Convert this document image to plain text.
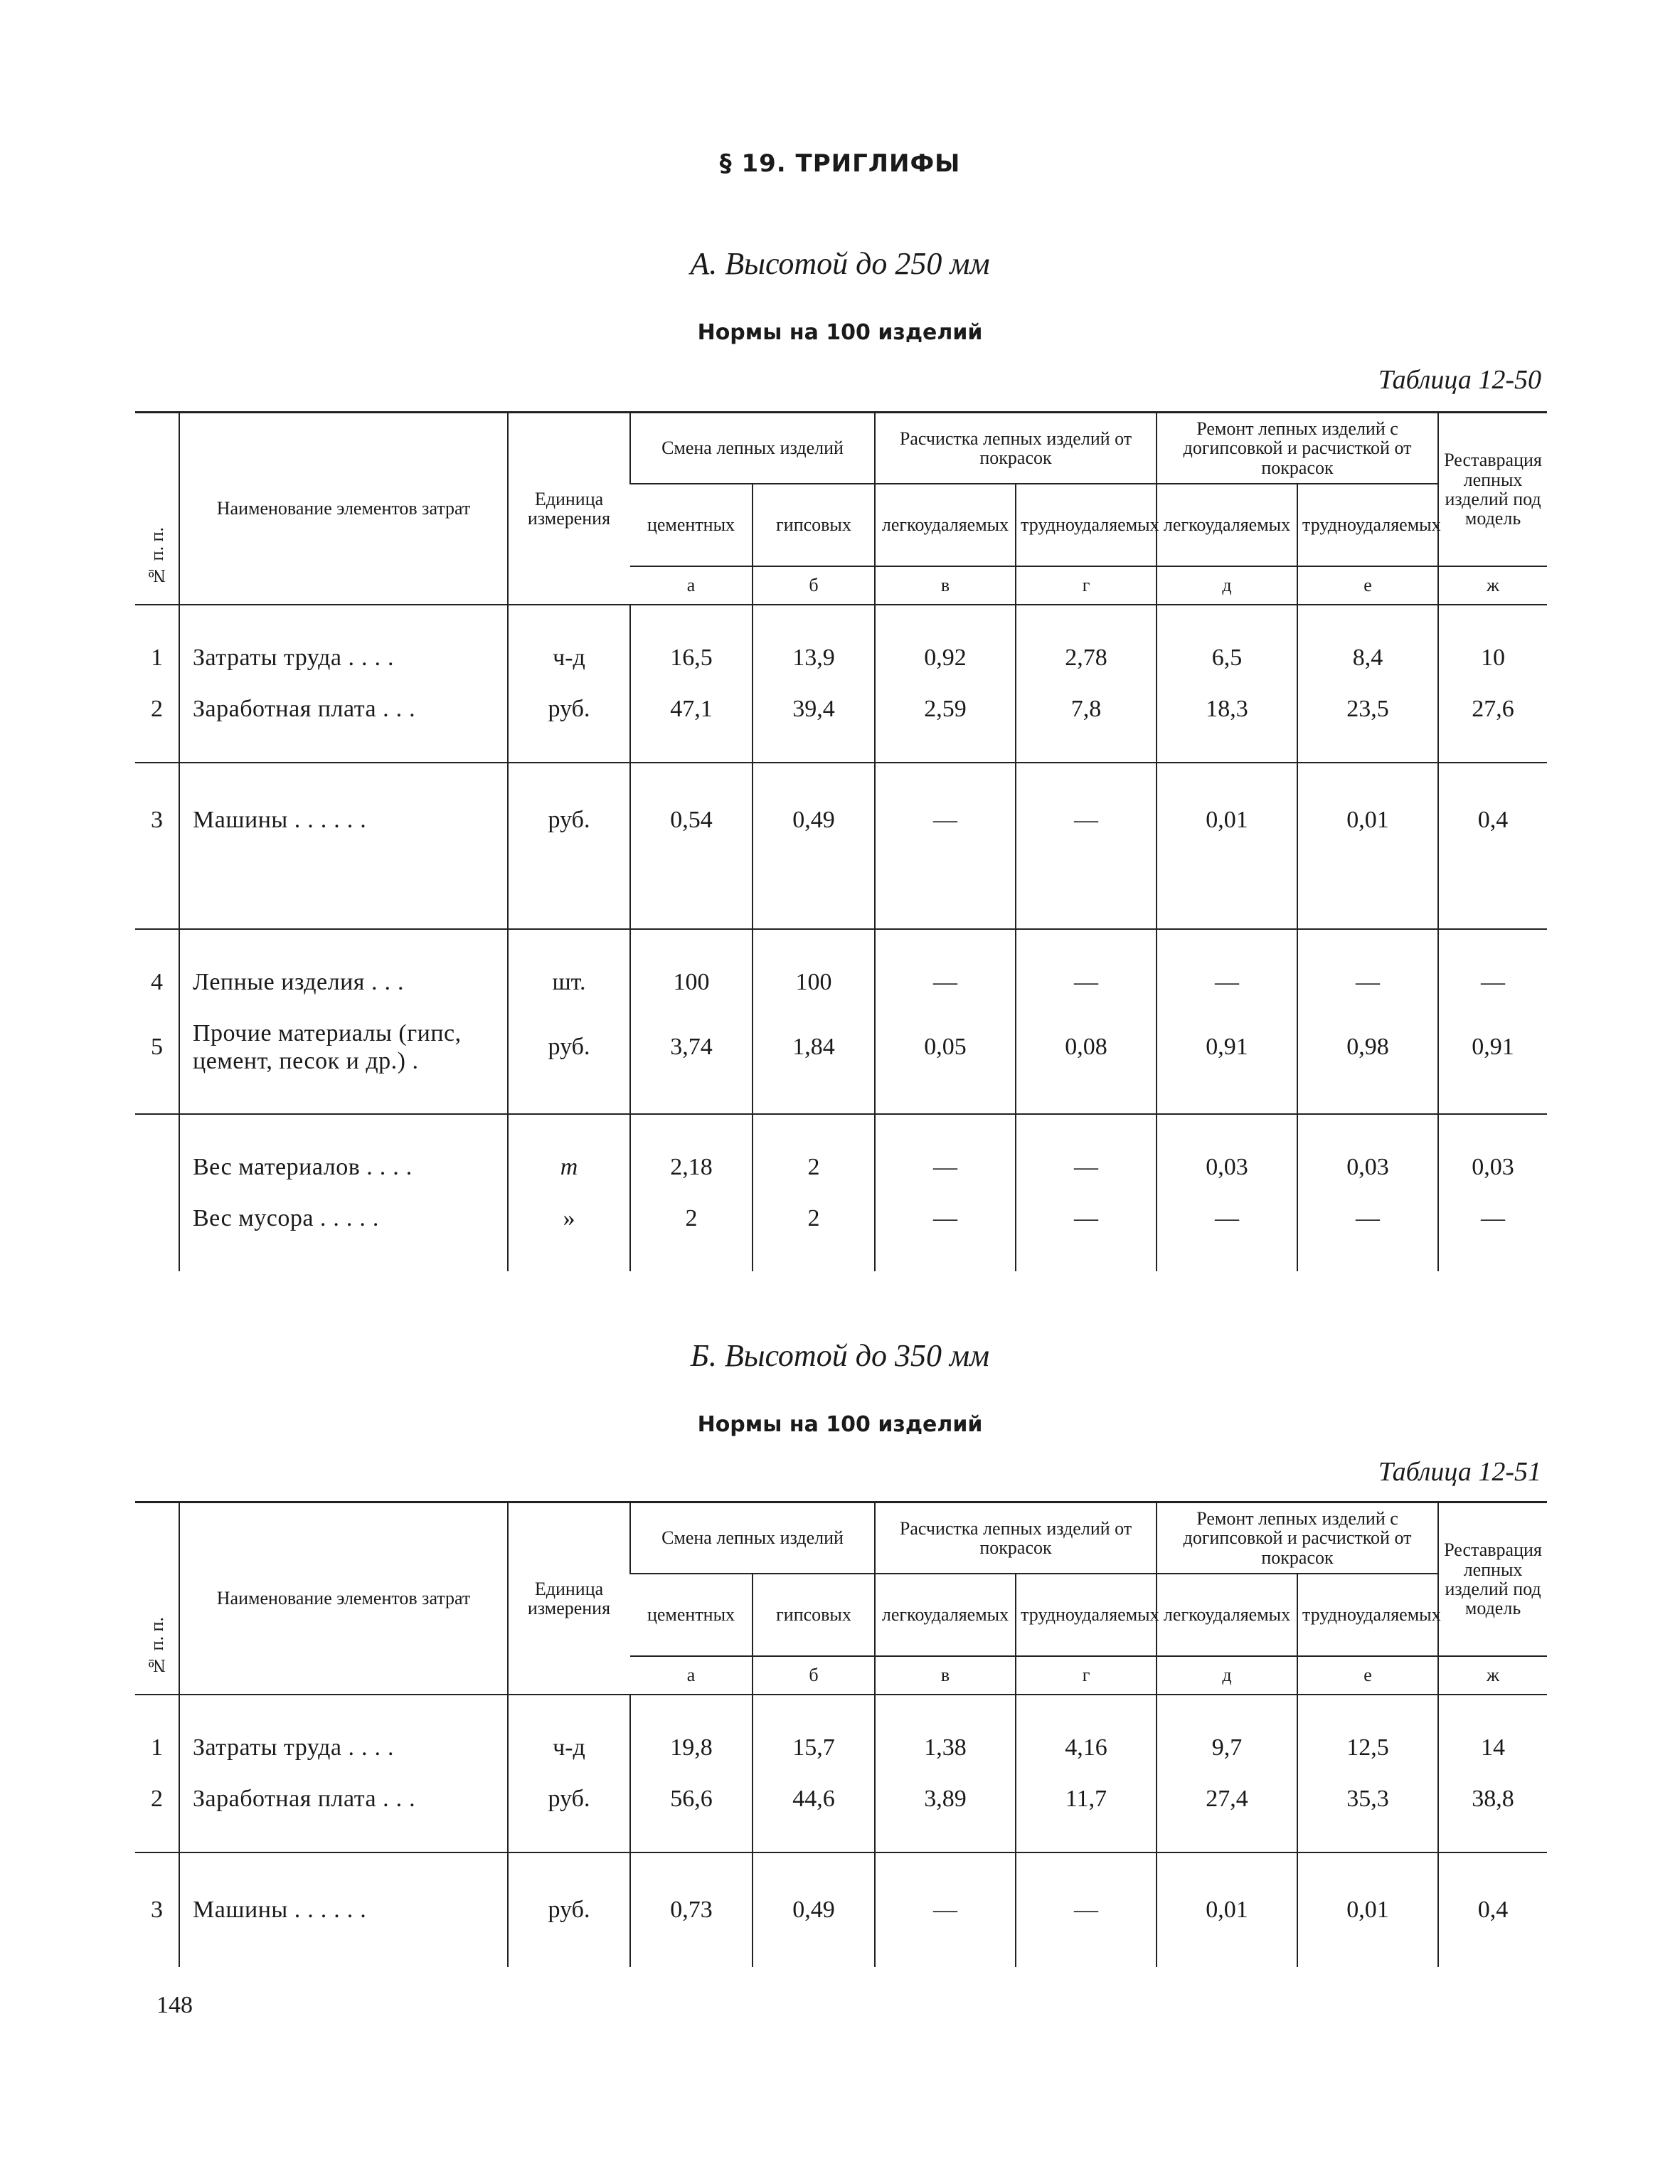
§ 19. ТРИГЛИФЫ
А. Высотой до 250 мм
Нормы на 100 изделий
Таблица 12-50
№ п. п.	Наименование элементов затрат	Единица измерения	Смена лепных изделий		Расчистка лепных изделий от покрасок		Ремонт лепных изделий с догипсовкой и расчисткой от покрасок		Реставрация лепных изделий под модель
			цементных	гипсовых	легкоудаляемых	трудноудаляемых	легкоудаляемых	трудноудаляемых	
			а	б	в	г	д	е	ж

1	Затраты труда ....	ч-д	16,5	13,9	0,92	2,78	6,5	8,4	10
2	Заработная плата ...	руб.	47,1	39,4	2,59	7,8	18,3	23,5	27,6

3	Машины ......	руб.	0,54	0,49	—	—	0,01	0,01	0,4

4	Лепные изделия ...	шт.	100	100	—	—	—	—	—
5	Прочие материалы (гипс, цемент, песок и др.) .	руб.	3,74	1,84	0,05	0,08	0,91	0,98	0,91

	Вес материалов ....	т	2,18	2	—	—	0,03	0,03	0,03
	Вес мусора .....	»	2	2	—	—	—	—	—

Б. Высотой до 350 мм
Нормы на 100 изделий
Таблица 12-51
№ п. п.	Наименование элементов затрат	Единица измерения	Смена лепных изделий		Расчистка лепных изделий от покрасок		Ремонт лепных изделий с догипсовкой и расчисткой от покрасок		Реставрация лепных изделий под модель
			цементных	гипсовых	легкоудаляемых	трудноудаляемых	легкоудаляемых	трудноудаляемых	
			а	б	в	г	д	е	ж

1	Затраты труда ....	ч-д	19,8	15,7	1,38	4,16	9,7	12,5	14
2	Заработная плата ...	руб.	56,6	44,6	3,89	11,7	27,4	35,3	38,8

3	Машины ......	руб.	0,73	0,49	—	—	0,01	0,01	0,4
148
